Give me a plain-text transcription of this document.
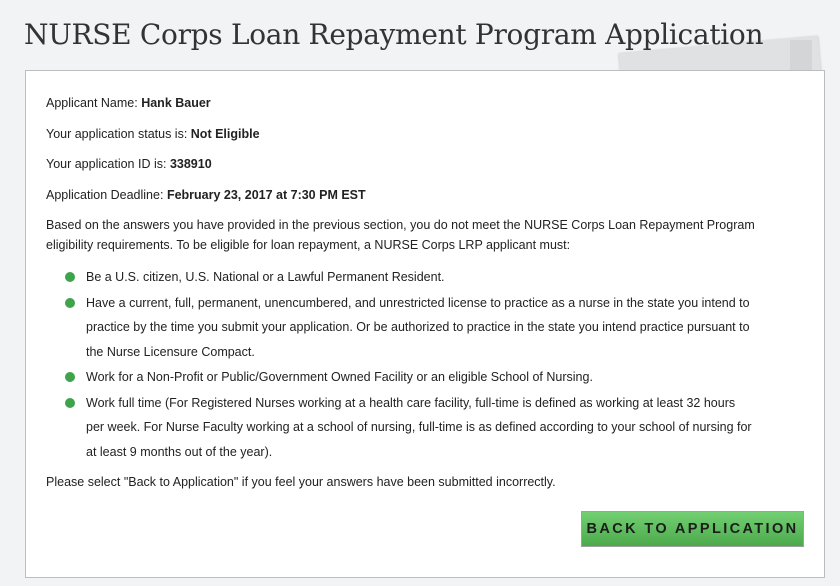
NURSE Corps Loan Repayment Program Application

Applicant Name: Hank Bauer

Your application status is: Not Eligible

Your application ID is: 338910

Application Deadline: February 23, 2017 at 7:30 PM EST

Based on the answers you have provided in the previous section, you do not meet the NURSE Corps Loan Repayment Program eligibility requirements. To be eligible for loan repayment, a NURSE Corps LRP applicant must:

Be a U.S. citizen, U.S. National or a Lawful Permanent Resident.
Have a current, full, permanent, unencumbered, and unrestricted license to practice as a nurse in the state you intend to practice by the time you submit your application. Or be authorized to practice in the state you intend practice pursuant to the Nurse Licensure Compact.
Work for a Non-Profit or Public/Government Owned Facility or an eligible School of Nursing.
Work full time (For Registered Nurses working at a health care facility, full-time is defined as working at least 32 hours per week. For Nurse Faculty working at a school of nursing, full-time is as defined according to your school of nursing for at least 9 months out of the year).

Please select "Back to Application" if you feel your answers have been submitted incorrectly.

BACK TO APPLICATION
